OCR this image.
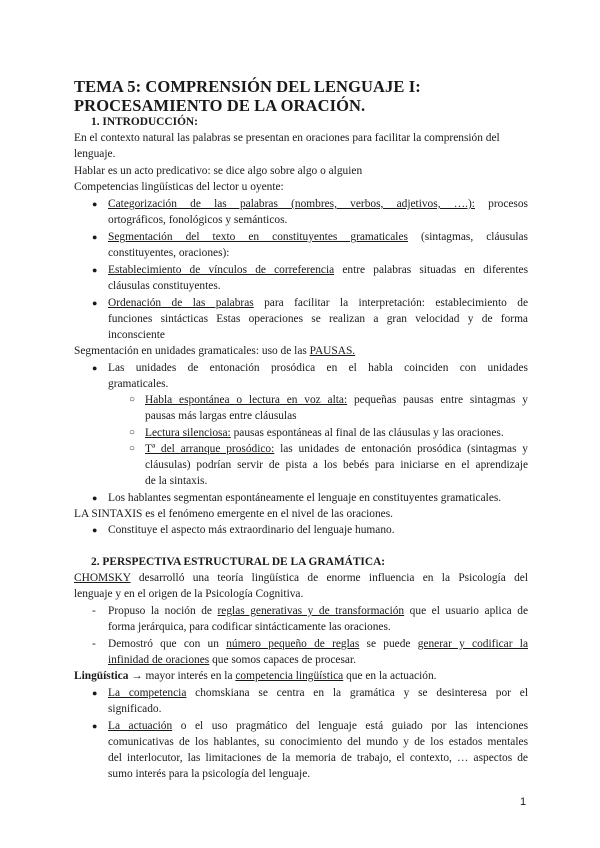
TEMA 5: COMPRENSIÓN DEL LENGUAJE I:
PROCESAMIENTO DE LA ORACIÓN.
1. INTRODUCCIÓN:
En el contexto natural las palabras se presentan en oraciones para facilitar la comprensión del
lenguaje.
Hablar es un acto predicativo: se dice algo sobre algo o alguien
Competencias lingüísticas del lector u oyente:
● Categorización de las palabras (nombres, verbos, adjetivos, ….): procesos
ortográficos, fonológicos y semánticos.
● Segmentación del texto en constituyentes gramaticales (sintagmas, cláusulas
constituyentes, oraciones):
● Establecimiento de vínculos de correferencia entre palabras situadas en diferentes
cláusulas constituyentes.
● Ordenación de las palabras para facilitar la interpretación: establecimiento de
funciones sintácticas Estas operaciones se realizan a gran velocidad y de forma
inconsciente
Segmentación en unidades gramaticales: uso de las PAUSAS.
● Las unidades de entonación prosódica en el habla coinciden con unidades
gramaticales.
○ Habla espontánea o lectura en voz alta: pequeñas pausas entre sintagmas y
pausas más largas entre cláusulas
○ Lectura silenciosa: pausas espontáneas al final de las cláusulas y las oraciones.
○ Tª del arranque prosódico: las unidades de entonación prosódica (sintagmas y
cláusulas) podrían servir de pista a los bebés para iniciarse en el aprendizaje
de la sintaxis.
● Los hablantes segmentan espontáneamente el lenguaje en constituyentes gramaticales.
LA SINTAXIS es el fenómeno emergente en el nivel de las oraciones.
● Constituye el aspecto más extraordinario del lenguaje humano.
2. PERSPECTIVA ESTRUCTURAL DE LA GRAMÁTICA:
CHOMSKY desarrolló una teoría lingüística de enorme influencia en la Psicología del
lenguaje y en el origen de la Psicología Cognitiva.
- Propuso la noción de reglas generativas y de transformación que el usuario aplica de
forma jerárquica, para codificar sintácticamente las oraciones.
- Demostró que con un número pequeño de reglas se puede generar y codificar la
infinidad de oraciones que somos capaces de procesar.
Lingüística → mayor interés en la competencia lingüística que en la actuación.
● La competencia chomskiana se centra en la gramática y se desinteresa por el
significado.
● La actuación o el uso pragmático del lenguaje está guiado por las intenciones
comunicativas de los hablantes, su conocimiento del mundo y de los estados mentales
del interlocutor, las limitaciones de la memoria de trabajo, el contexto, … aspectos de
sumo interés para la psicología del lenguaje.
1
